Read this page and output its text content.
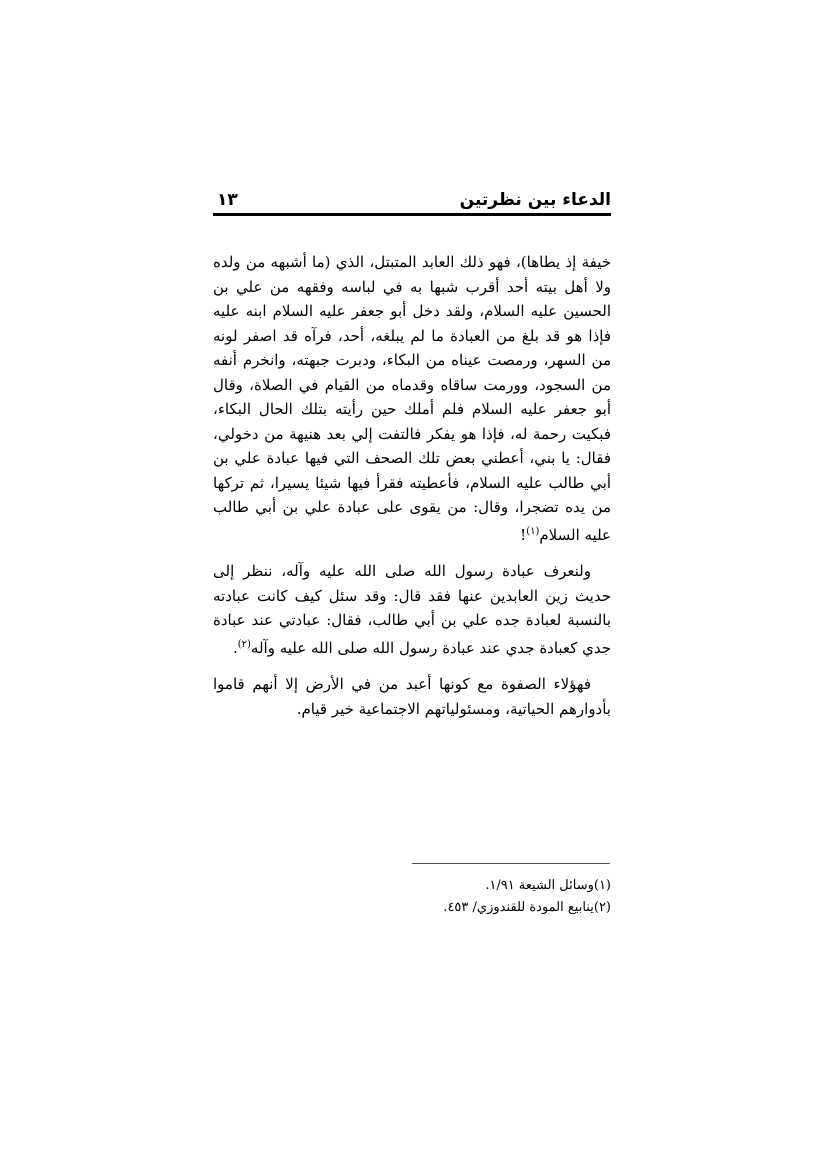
الدعاء بين نظرتين
١٣

خيفة إذ يطاها)، فهو ذلك العابد المتبتل، الذي (ما أشبهه من ولده ولا أهل بيته أحد أقرب شبها به في لباسه وفقهه من علي بن الحسين عليه السلام، ولقد دخل أبو جعفر عليه السلام ابنه عليه فإذا هو قد بلغ من العبادة ما لم يبلغه، أحد، فرآه قد اصفر لونه من السهر، ورمصت عيناه من البكاء، ودبرت جبهته، وانخرم أنفه من السجود، وورمت ساقاه وقدماه من القيام في الصلاة، وقال أبو جعفر عليه السلام فلم أملك حين رأيته بتلك الحال البكاء، فبكيت رحمة له، فإذا هو يفكر فالتفت إلي بعد هنيهة من دخولي، فقال: يا بني، أعطني بعض تلك الصحف التي فيها عبادة علي بن أبي طالب عليه السلام، فأعطيته فقرأ فيها شيئا يسيرا، ثم تركها من يده تضجرا، وقال: من يقوى على عبادة علي بن أبي طالب عليه السلام$^{(١)}$!

ولنعرف عبادة رسول الله صلى الله عليه وآله، ننظر إلى حديث زين العابدين عنها فقد قال: وقد سئل كيف كانت عبادته بالنسبة لعبادة جده علي بن أبي طالب، فقال: عبادتي عند عبادة جدي كعبادة جدي عند عبادة رسول الله صلى الله عليه وآله$^{(٢)}$.

فهؤلاء الصفوة مع كونها أعبد من في الأرض إلا أنهم قاموا بأدوارهم الحياتية، ومسئولياتهم الاجتماعية خير قيام.

(١)وسائل الشيعة ١/٩١.
(٢)ينابيع المودة للقندوزي/ ٤٥٣.
